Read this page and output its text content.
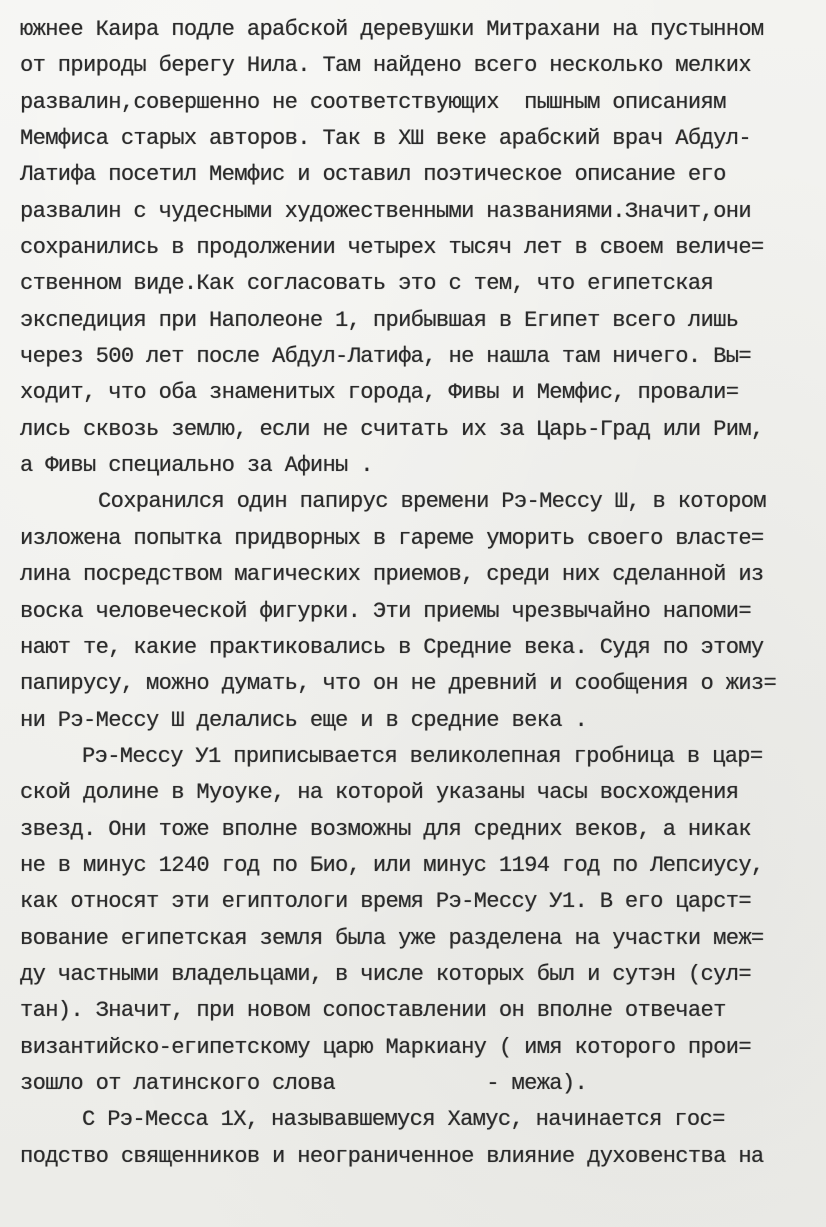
южнее Каира подле арабской деревушки Митрахани на пустынном
от природы берегу Нила. Там найдено всего несколько мелких
развалин,совершенно не соответствующих  пышным описаниям
Мемфиса старых авторов. Так в XШ веке арабский врач Абдул-
Латифа посетил Мемфис и оставил поэтическое описание его
развалин с чудесными художественными названиями.Значит,они
сохранились в продолжении четырех тысяч лет в своем величе=
ственном виде.Как согласовать это с тем, что египетская
экспедиция при Наполеоне 1, прибывшая в Египет всего лишь
через 500 лет после Абдул-Латифа, не нашла там ничего. Вы=
ходит, что оба знаменитых города, Фивы и Мемфис, провали=
лись сквозь землю, если не считать их за Царь-Град или Рим,
а Фивы специально за Афины .
Сохранился один папирус времени Рэ-Мессу Ш, в котором
изложена попытка придворных в гареме уморить своего власте=
лина посредством магических приемов, среди них сделанной из
воска человеческой фигурки. Эти приемы чрезвычайно напоми=
нают те, какие практиковались в Средние века. Судя по этому
папирусу, можно думать, что он не древний и сообщения о жиз=
ни Рэ-Мессу Ш делались еще и в средние века .
Рэ-Мессу У1 приписывается великолепная гробница в цар=
ской долине в Муоуке, на которой указаны часы восхождения
звезд. Они тоже вполне возможны для средних веков, а никак
не в минус 1240 год по Био, или минус 1194 год по Лепсиусу,
как относят эти египтологи время Рэ-Мессу У1. В его царст=
вование египетская земля была уже разделена на участки меж=
ду частными владельцами, в числе которых был и сутэн (сул=
тан). Значит, при новом сопоставлении он вполне отвечает
византийско-египетскому царю Маркиану ( имя которого прои=
зошло от латинского слова            - межа).
С Рэ-Месса 1Х, называвшемуся Хамус, начинается гос=
подство священников и неограниченное влияние духовенства на
